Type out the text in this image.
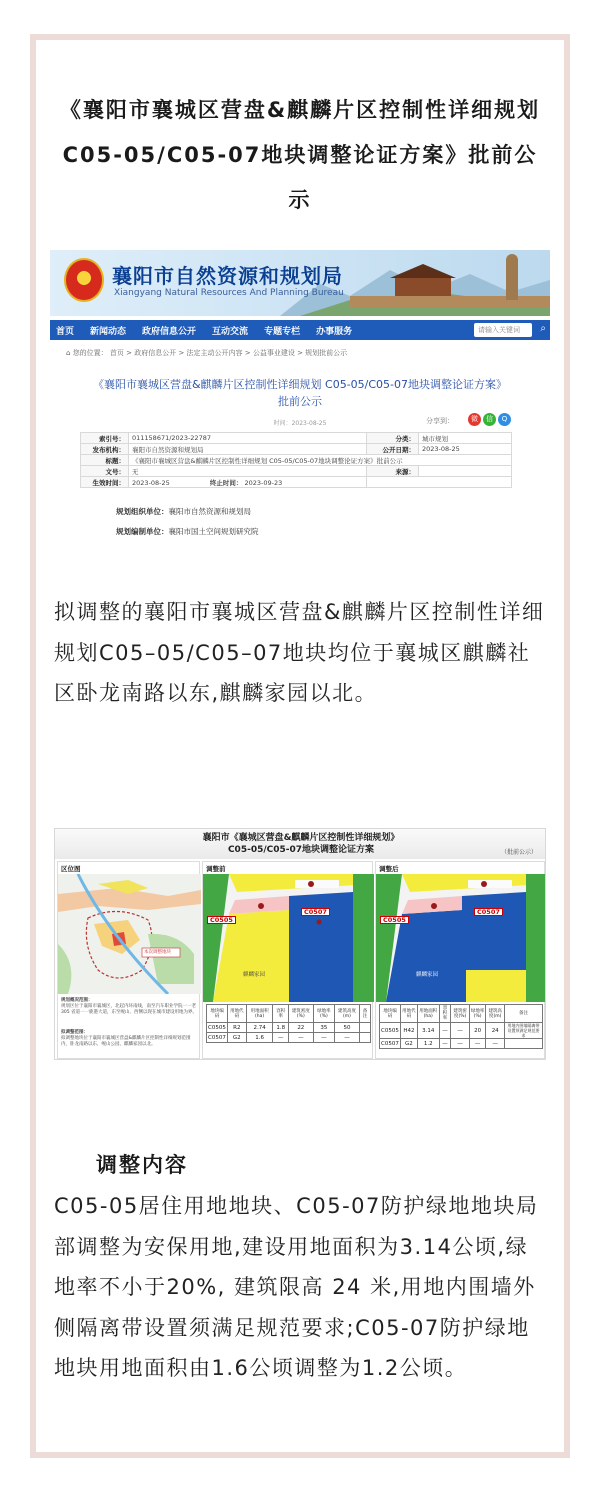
《襄阳市襄城区营盘&麒麟片区控制性详细规划 C05-05/C05-07地块调整论证方案》批前公示
襄阳市自然资源和规划局
Xiangyang Natural Resources And Planning Bureau
首页 新闻动态 政府信息公开 互动交流 专题专栏 办事服务	请输入关键词	⌕
⌂ 您的位置： 首页 > 政府信息公开 > 法定主动公开内容 > 公益事业建设 > 规划批前公示
《襄阳市襄城区营盘&麒麟片区控制性详细规划 C05-05/C05-07地块调整论证方案》
批前公示
时间：2023-08-25	分享到：	微	信	Q
索引号：	011158671/2023-22787	分类：	城市规划
发布机构：	襄阳市自然资源和规划局	公开日期：	2023-08-25
标题：	《襄阳市襄城区营盘&麒麟片区控制性详细规划 C05-05/C05-07地块调整论证方案》批前公示		
文号：	无	来源：	
生效时间：	2023-08-25 终止时间： 2023-09-23		
规划组织单位：襄阳市自然资源和规划局
规划编制单位：襄阳市国土空间规划研究院
拟调整的襄阳市襄城区营盘&麒麟片区控制性详细规划C05–05/C05–07地块均位于襄城区麒麟社区卧龙南路以东,麒麟家园以北。
襄阳市《襄城区营盘&麒麟片区控制性详细规划》
C05-05/C05-07地块调整论证方案	（批前公示）
区位图
本次调整地块
规划概况范围：
规划区位于襄阳市襄城区，北起内环南线，南至汽车职业学院一一老 305 省道一一鹿港大道，东至岘山、西侧以现在城市建设用地为界。
拟调整范围：
拟调整地块位于襄阳市襄城区营盘&麒麟片区控制性详细规划范围内，卧龙南路以东，岘山公园、麒麟家园以北。
调整前
C0505
C0507
麒麟家园
地块编码	用地代码	用地面积(ha)	容积率	建筑密度(%)	绿地率(%)	建筑高度(m)	备注
C0505	R2	2.74	1.8	22	35	50	
C0507	G2	1.6	—	—	—	—	
调整后
C0505
C0507
麒麟家园
地块编码	用地代码	用地面积(ha)	容积率	建筑密度(%)	绿地率(%)	建筑高度(m)	备注
C0505	H42	3.14	—	—	20	24	用地内围墙隔离带设置须满足规范要求
C0507	G2	1.2	—	—	—	—	
调整内容
C05-05居住用地地块、C05-07防护绿地地块局部调整为安保用地,建设用地面积为3.14公顷,绿地率不小于20%, 建筑限高 24 米,用地内围墙外侧隔离带设置须满足规范要求;C05-07防护绿地地块用地面积由1.6公顷调整为1.2公顷。
